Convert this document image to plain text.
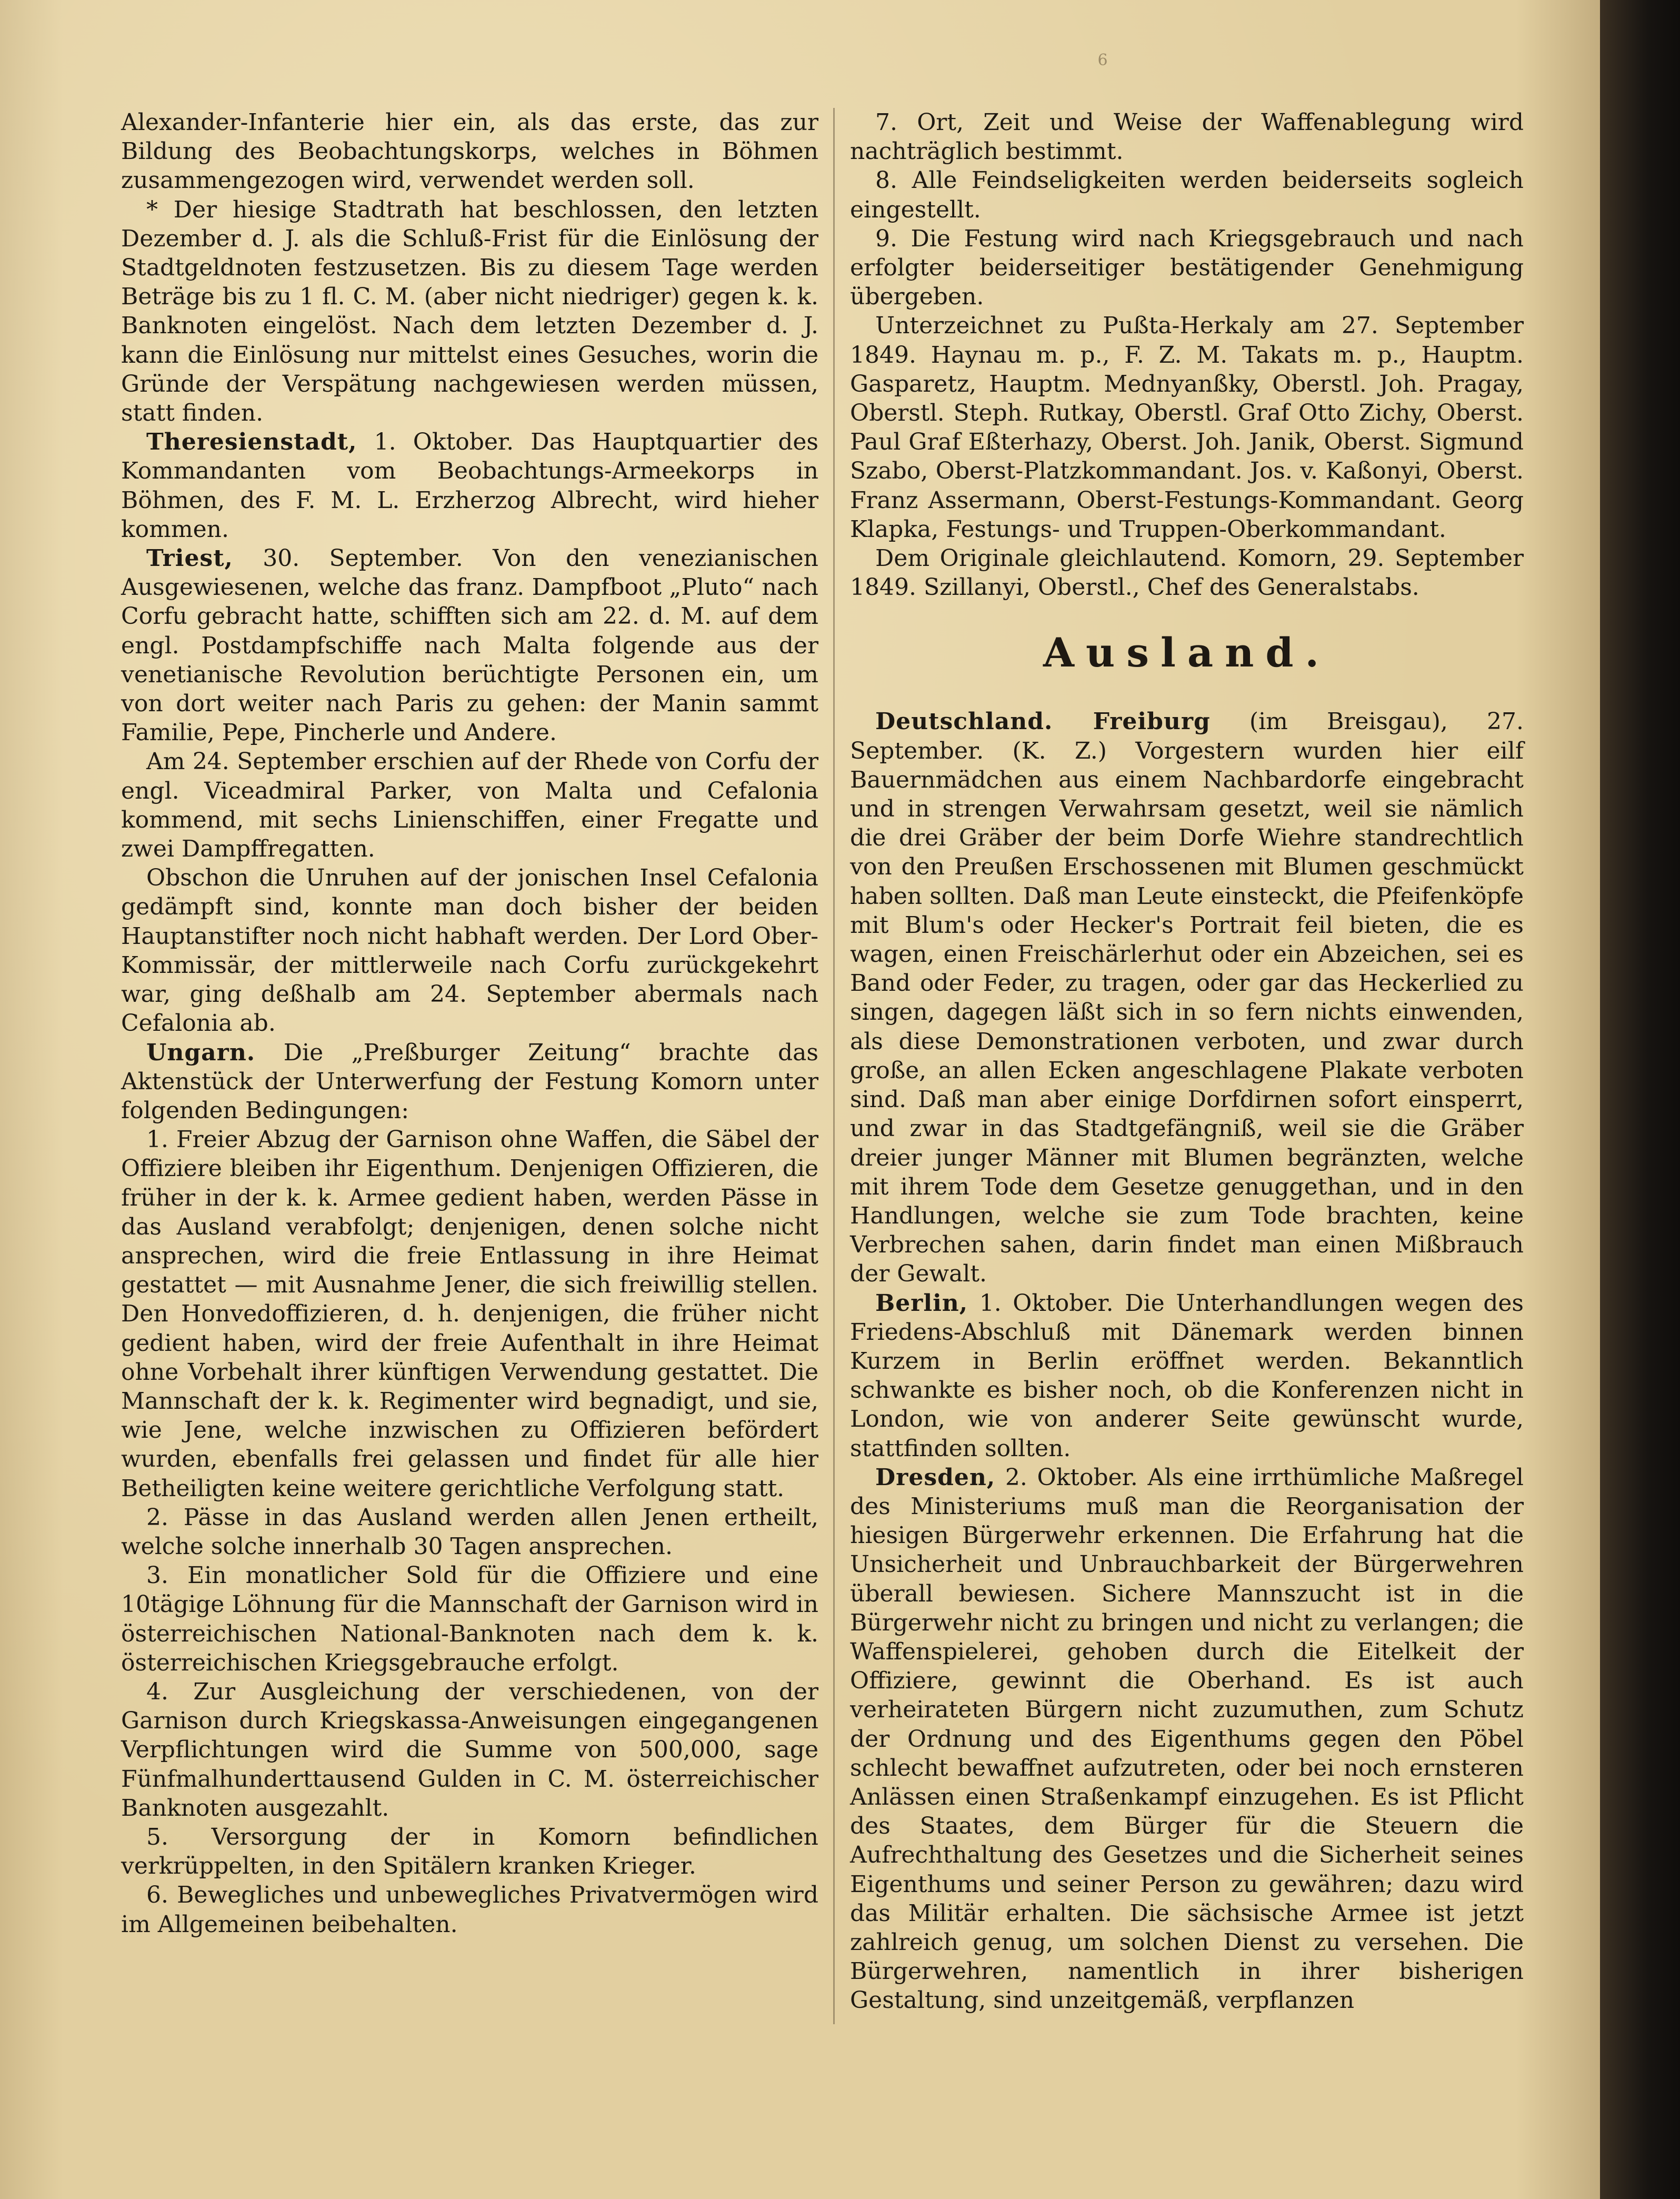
6

Alexander-Infanterie hier ein, als das erste, das zur Bildung des Beobachtungskorps, welches in Böhmen zusammengezogen wird, verwendet werden soll.

* Der hiesige Stadtrath hat beschlossen, den letzten Dezember d. J. als die Schluß-Frist für die Einlösung der Stadtgeldnoten festzusetzen. Bis zu diesem Tage werden Beträge bis zu 1 fl. C. M. (aber nicht niedriger) gegen k. k. Banknoten eingelöst. Nach dem letzten Dezember d. J. kann die Einlösung nur mittelst eines Gesuches, worin die Gründe der Verspätung nachgewiesen werden müssen, statt finden.

Theresienstadt, 1. Oktober. Das Hauptquartier des Kommandanten vom Beobachtungs-Armeekorps in Böhmen, des F. M. L. Erzherzog Albrecht, wird hieher kommen.

Triest, 30. September. Von den venezianischen Ausgewiesenen, welche das franz. Dampfboot „Pluto“ nach Corfu gebracht hatte, schifften sich am 22. d. M. auf dem engl. Postdampfschiffe nach Malta folgende aus der venetianische Revolution berüchtigte Personen ein, um von dort weiter nach Paris zu gehen: der Manin sammt Familie, Pepe, Pincherle und Andere.

Am 24. September erschien auf der Rhede von Corfu der engl. Viceadmiral Parker, von Malta und Cefalonia kommend, mit sechs Linienschiffen, einer Fregatte und zwei Dampffregatten.

Obschon die Unruhen auf der jonischen Insel Cefalonia gedämpft sind, konnte man doch bisher der beiden Hauptanstifter noch nicht habhaft werden. Der Lord Ober-Kommissär, der mittlerweile nach Corfu zurückgekehrt war, ging deßhalb am 24. September abermals nach Cefalonia ab.

Ungarn. Die „Preßburger Zeitung“ brachte das Aktenstück der Unterwerfung der Festung Komorn unter folgenden Bedingungen:

1. Freier Abzug der Garnison ohne Waffen, die Säbel der Offiziere bleiben ihr Eigenthum. Denjenigen Offizieren, die früher in der k. k. Armee gedient haben, werden Pässe in das Ausland verabfolgt; denjenigen, denen solche nicht ansprechen, wird die freie Entlassung in ihre Heimat gestattet — mit Ausnahme Jener, die sich freiwillig stellen. Den Honvedoffizieren, d. h. denjenigen, die früher nicht gedient haben, wird der freie Aufenthalt in ihre Heimat ohne Vorbehalt ihrer künftigen Verwendung gestattet. Die Mannschaft der k. k. Regimenter wird begnadigt, und sie, wie Jene, welche inzwischen zu Offizieren befördert wurden, ebenfalls frei gelassen und findet für alle hier Betheiligten keine weitere gerichtliche Verfolgung statt.

2. Pässe in das Ausland werden allen Jenen ertheilt, welche solche innerhalb 30 Tagen ansprechen.

3. Ein monatlicher Sold für die Offiziere und eine 10tägige Löhnung für die Mannschaft der Garnison wird in österreichischen National-Banknoten nach dem k. k. österreichischen Kriegsgebrauche erfolgt.

4. Zur Ausgleichung der verschiedenen, von der Garnison durch Kriegskassa-Anweisungen eingegangenen Verpflichtungen wird die Summe von 500,000, sage Fünfmalhunderttausend Gulden in C. M. österreichischer Banknoten ausgezahlt.

5. Versorgung der in Komorn befindlichen verkrüppelten, in den Spitälern kranken Krieger.

6. Bewegliches und unbewegliches Privatvermögen wird im Allgemeinen beibehalten.

7. Ort, Zeit und Weise der Waffenablegung wird nachträglich bestimmt.

8. Alle Feindseligkeiten werden beiderseits sogleich eingestellt.

9. Die Festung wird nach Kriegsgebrauch und nach erfolgter beiderseitiger bestätigender Genehmigung übergeben.

Unterzeichnet zu Pußta-Herkaly am 27. September 1849. Haynau m. p., F. Z. M. Takats m. p., Hauptm. Gasparetz, Hauptm. Mednyanßky, Oberstl. Joh. Pragay, Oberstl. Steph. Rutkay, Oberstl. Graf Otto Zichy, Oberst. Paul Graf Eßterhazy, Oberst. Joh. Janik, Oberst. Sigmund Szabo, Oberst-Platzkommandant. Jos. v. Kaßonyi, Oberst. Franz Assermann, Oberst-Festungs-Kommandant. Georg Klapka, Festungs- und Truppen-Oberkommandant.

Dem Originale gleichlautend. Komorn, 29. September 1849. Szillanyi, Oberstl., Chef des Generalstabs.

Ausland.

Deutschland. Freiburg (im Breisgau), 27. September. (K. Z.) Vorgestern wurden hier eilf Bauernmädchen aus einem Nachbardorfe eingebracht und in strengen Verwahrsam gesetzt, weil sie nämlich die drei Gräber der beim Dorfe Wiehre standrechtlich von den Preußen Erschossenen mit Blumen geschmückt haben sollten. Daß man Leute einsteckt, die Pfeifenköpfe mit Blum's oder Hecker's Portrait feil bieten, die es wagen, einen Freischärlerhut oder ein Abzeichen, sei es Band oder Feder, zu tragen, oder gar das Heckerlied zu singen, dagegen läßt sich in so fern nichts einwenden, als diese Demonstrationen verboten, und zwar durch große, an allen Ecken angeschlagene Plakate verboten sind. Daß man aber einige Dorfdirnen sofort einsperrt, und zwar in das Stadtgefängniß, weil sie die Gräber dreier junger Männer mit Blumen begränzten, welche mit ihrem Tode dem Gesetze genuggethan, und in den Handlungen, welche sie zum Tode brachten, keine Verbrechen sahen, darin findet man einen Mißbrauch der Gewalt.

Berlin, 1. Oktober. Die Unterhandlungen wegen des Friedens-Abschluß mit Dänemark werden binnen Kurzem in Berlin eröffnet werden. Bekanntlich schwankte es bisher noch, ob die Konferenzen nicht in London, wie von anderer Seite gewünscht wurde, stattfinden sollten.

Dresden, 2. Oktober. Als eine irrthümliche Maßregel des Ministeriums muß man die Reorganisation der hiesigen Bürgerwehr erkennen. Die Erfahrung hat die Unsicherheit und Unbrauchbarkeit der Bürgerwehren überall bewiesen. Sichere Mannszucht ist in die Bürgerwehr nicht zu bringen und nicht zu verlangen; die Waffenspielerei, gehoben durch die Eitelkeit der Offiziere, gewinnt die Oberhand. Es ist auch verheirateten Bürgern nicht zuzumuthen, zum Schutz der Ordnung und des Eigenthums gegen den Pöbel schlecht bewaffnet aufzutreten, oder bei noch ernsteren Anlässen einen Straßenkampf einzugehen. Es ist Pflicht des Staates, dem Bürger für die Steuern die Aufrechthaltung des Gesetzes und die Sicherheit seines Eigenthums und seiner Person zu gewähren; dazu wird das Militär erhalten. Die sächsische Armee ist jetzt zahlreich genug, um solchen Dienst zu versehen. Die Bürgerwehren, namentlich in ihrer bisherigen Gestaltung, sind unzeitgemäß, verpflanzen
